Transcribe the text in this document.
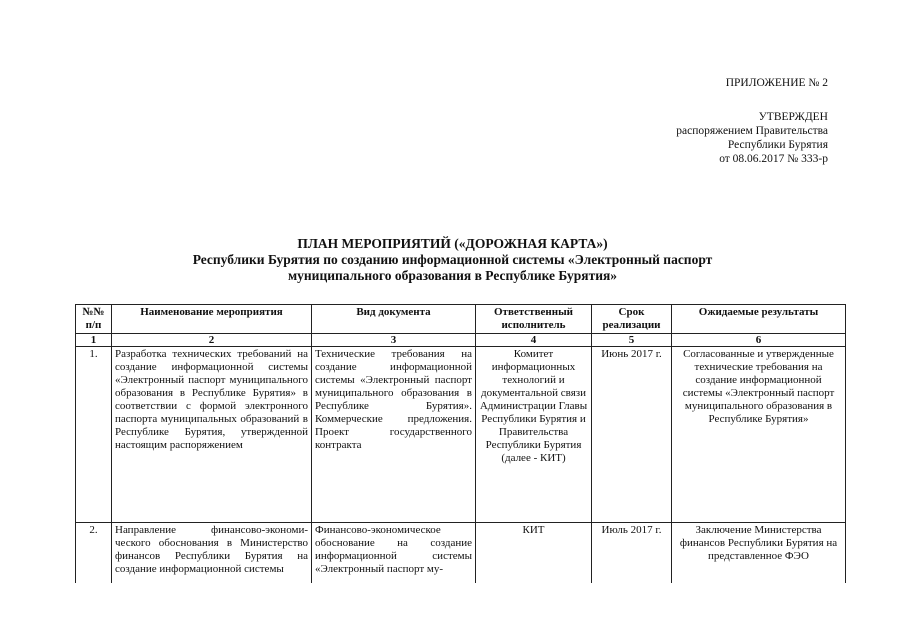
ПРИЛОЖЕНИЕ № 2
УТВЕРЖДЕН
распоряжением Правительства
Республики Бурятия
от 08.06.2017 № 333-р
ПЛАН МЕРОПРИЯТИЙ («ДОРОЖНАЯ КАРТА»)
Республики Бурятия по созданию информационной системы «Электронный паспорт
муниципального образования в Республике Бурятия»
№№ п/п	Наименование мероприятия	Вид документа	Ответственный исполнитель	Срок реализации	Ожидаемые результаты
1	2	3	4	5	6
1.	Разработка технических требований на создание информационной системы «Электронный паспорт муниципального образования в Республике Бурятия» в соответствии с формой электронного паспорта муниципальных образований в Республике Бурятия, утвержденной настоящим распоряжением	Технические требования на создание информационной системы «Электронный паспорт муниципального образования в Республике Бурятия». Коммерческие предложения. Проект государственного контракта	Комитет информационных технологий и документальной связи Администрации Главы Республики Бурятия и Правительства Республики Бурятия (далее - КИТ)	Июнь 2017 г.	Согласованные и утвержденные технические требования на создание информационной системы «Электронный паспорт муниципального образования в Республике Бурятия»
2.	Направление финансово-экономи-ческого обоснования в Министерство финансов Республики Бурятия на создание информационной системы	Финансово-экономическое обоснование на создание информационной системы «Электронный паспорт му-	КИТ	Июль 2017 г.	Заключение Министерства финансов Республики Бурятия на представленное ФЭО
